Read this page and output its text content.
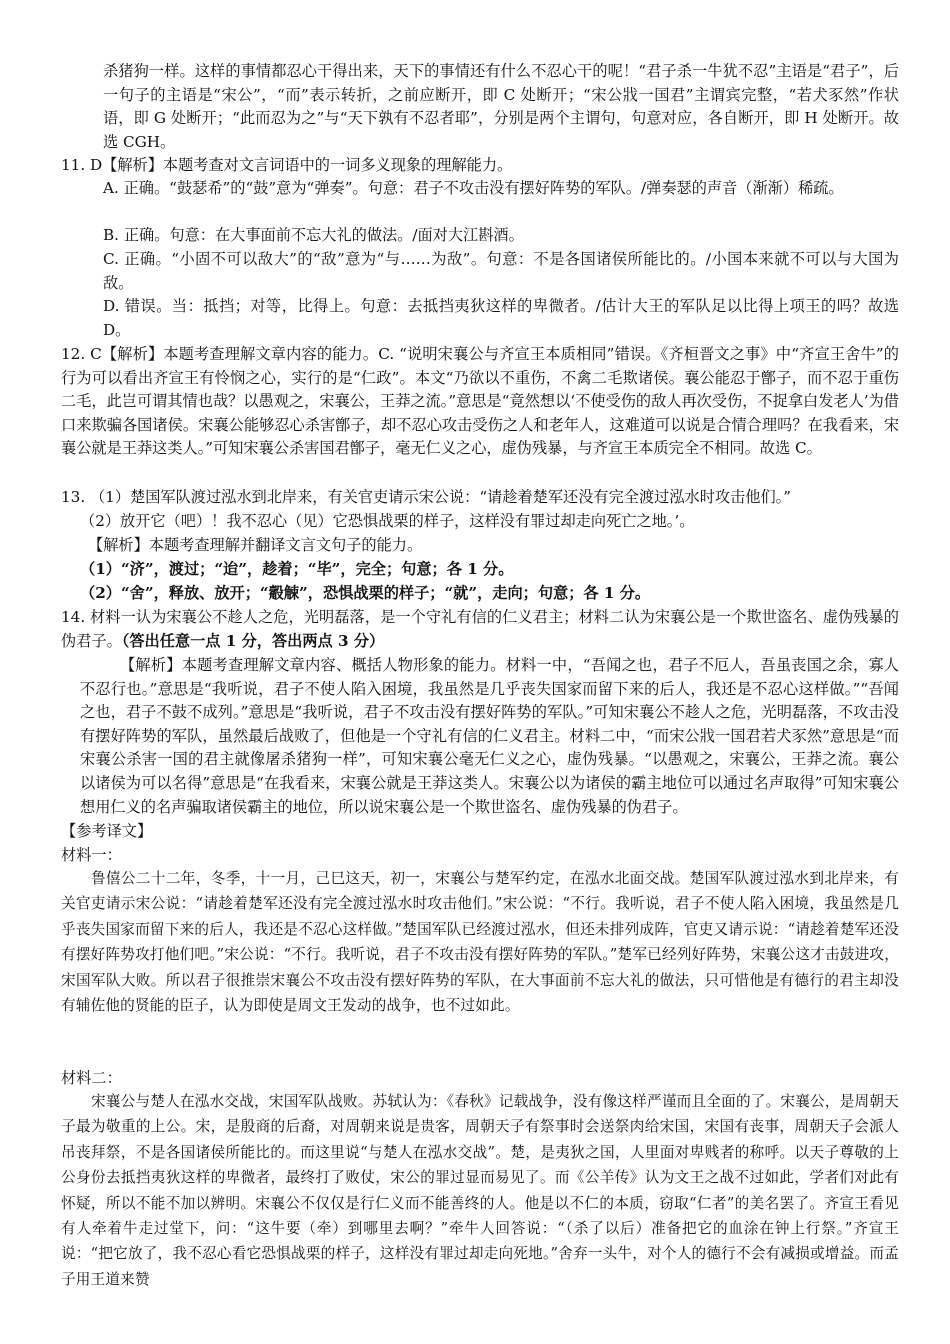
杀猪狗一样。这样的事情都忍心干得出来，天下的事情还有什么不忍心干的呢！“君子杀一牛犹不忍”主语是“君子”，后一句子的主语是“宋公”，“而”表示转折，之前应断开，即 C 处断开；“宋公戕一国君”主谓宾完整，“若犬豕然”作状语，即 G 处断开；“此而忍为之”与“天下孰有不忍者耶”，分别是两个主谓句，句意对应，各自断开，即 H 处断开。故选 CGH。

11. D【解析】本题考查对文言词语中的一词多义现象的理解能力。

A. 正确。“鼓瑟希”的“鼓”意为“弹奏”。句意：君子不攻击没有摆好阵势的军队。/弹奏瑟的声音（渐渐）稀疏。

B. 正确。句意：在大事面前不忘大礼的做法。/面对大江斟酒。

C. 正确。“小固不可以敌大”的“敌”意为“与……为敌”。句意：不是各国诸侯所能比的。/小国本来就不可以与大国为敌。

D. 错误。当：抵挡；对等，比得上。句意：去抵挡夷狄这样的卑微者。/估计大王的军队足以比得上项王的吗？故选 D。

12. C【解析】本题考查理解文章内容的能力。C. “说明宋襄公与齐宣王本质相同”错误。《齐桓晋文之事》中“齐宣王舍牛”的行为可以看出齐宣王有怜悯之心，实行的是“仁政”。本文“乃欲以不重伤，不禽二毛欺诸侯。襄公能忍于鄫子，而不忍于重伤二毛，此岂可谓其情也哉？以愚观之，宋襄公，王莽之流。”意思是“竟然想以‘不使受伤的敌人再次受伤，不捉拿白发老人’为借口来欺骗各国诸侯。宋襄公能够忍心杀害鄫子，却不忍心攻击受伤之人和老年人，这难道可以说是合情合理吗？在我看来，宋襄公就是王莽这类人。”可知宋襄公杀害国君鄫子，毫无仁义之心，虚伪残暴，与齐宣王本质完全不相同。故选 C。

13. （1）楚国军队渡过泓水到北岸来，有关官吏请示宋公说：“请趁着楚军还没有完全渡过泓水时攻击他们。”

（2）放开它（吧）！我不忍心（见）它恐惧战栗的样子，这样没有罪过却走向死亡之地。’。

【解析】本题考查理解并翻译文言文句子的能力。

（1）“济”，渡过；“迨”，趁着；“毕”，完全；句意；各 1 分。

（2）“舍”，释放、放开；“觳觫”，恐惧战栗的样子；“就”，走向；句意；各 1 分。

14. 材料一认为宋襄公不趁人之危，光明磊落，是一个守礼有信的仁义君主；材料二认为宋襄公是一个欺世盗名、虚伪残暴的伪君子。（答出任意一点 1 分，答出两点 3 分）

【解析】本题考查理解文章内容、概括人物形象的能力。材料一中，“吾闻之也，君子不厄人，吾虽丧国之余，寡人不忍行也。”意思是“我听说，君子不使人陷入困境，我虽然是几乎丧失国家而留下来的后人，我还是不忍心这样做。”“吾闻之也，君子不鼓不成列。”意思是“我听说，君子不攻击没有摆好阵势的军队。”可知宋襄公不趁人之危，光明磊落，不攻击没有摆好阵势的军队，虽然最后战败了，但他是一个守礼有信的仁义君主。材料二中，“而宋公戕一国君若犬豕然”意思是“而宋襄公杀害一国的君主就像屠杀猪狗一样”，可知宋襄公毫无仁义之心，虚伪残暴。“以愚观之，宋襄公，王莽之流。襄公以诸侯为可以名得”意思是“在我看来，宋襄公就是王莽这类人。宋襄公以为诸侯的霸主地位可以通过名声取得”可知宋襄公想用仁义的名声骗取诸侯霸主的地位，所以说宋襄公是一个欺世盗名、虚伪残暴的伪君子。

【参考译文】

材料一：

鲁僖公二十二年，冬季，十一月，己巳这天，初一，宋襄公与楚军约定，在泓水北面交战。楚国军队渡过泓水到北岸来，有关官吏请示宋公说：“请趁着楚军还没有完全渡过泓水时攻击他们。”宋公说：“不行。我听说，君子不使人陷入困境，我虽然是几乎丧失国家而留下来的后人，我还是不忍心这样做。”楚国军队已经渡过泓水，但还未排列成阵，官吏又请示说：“请趁着楚军还没有摆好阵势攻打他们吧。”宋公说：“不行。我听说，君子不攻击没有摆好阵势的军队。”楚军已经列好阵势，宋襄公这才击鼓进攻，宋国军队大败。所以君子很推崇宋襄公不攻击没有摆好阵势的军队，在大事面前不忘大礼的做法，只可惜他是有德行的君主却没有辅佐他的贤能的臣子，认为即使是周文王发动的战争，也不过如此。

材料二：

宋襄公与楚人在泓水交战，宋国军队战败。苏轼认为：《春秋》记载战争，没有像这样严谨而且全面的了。宋襄公，是周朝天子最为敬重的上公。宋，是殷商的后裔，对周朝来说是贵客，周朝天子有祭事时会送祭肉给宋国，宋国有丧事，周朝天子会派人吊丧拜祭，不是各国诸侯所能比的。而这里说“与楚人在泓水交战”。楚，是夷狄之国，人里面对卑贱者的称呼。以天子尊敬的上公身份去抵挡夷狄这样的卑微者，最终打了败仗，宋公的罪过显而易见了。而《公羊传》认为文王之战不过如此，学者们对此有怀疑，所以不能不加以辨明。宋襄公不仅仅是行仁义而不能善终的人。他是以不仁的本质，窃取“仁者”的美名罢了。齐宣王看见有人牵着牛走过堂下，问：“这牛要（牵）到哪里去啊？”牵牛人回答说：“（杀了以后）准备把它的血涂在钟上行祭。”齐宣王说：“把它放了，我不忍心看它恐惧战栗的样子，这样没有罪过却走向死地。”舍弃一头牛，对个人的德行不会有减损或增益。而孟子用王道来赞
